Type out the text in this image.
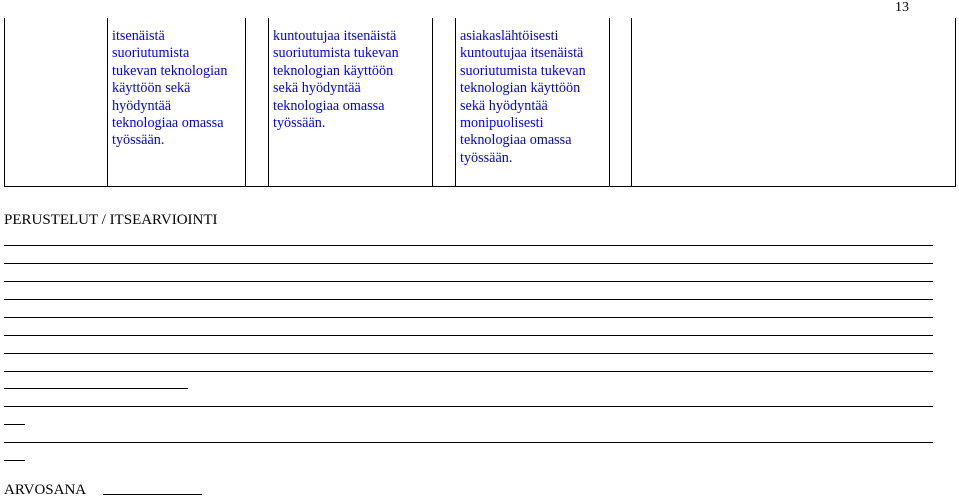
13
itsenäistä
suoriutumista
tukevan teknologian
käyttöön sekä
hyödyntää
teknologiaa omassa
työssään.
kuntoutujaa itsenäistä
suoriutumista tukevan
teknologian käyttöön
sekä hyödyntää
teknologiaa omassa
työssään.
asiakaslähtöisesti
kuntoutujaa itsenäistä
suoriutumista tukevan
teknologian käyttöön
sekä hyödyntää
monipuolisesti
teknologiaa omassa
työssään.
PERUSTELUT / ITSEARVIOINTI
ARVOSANA
